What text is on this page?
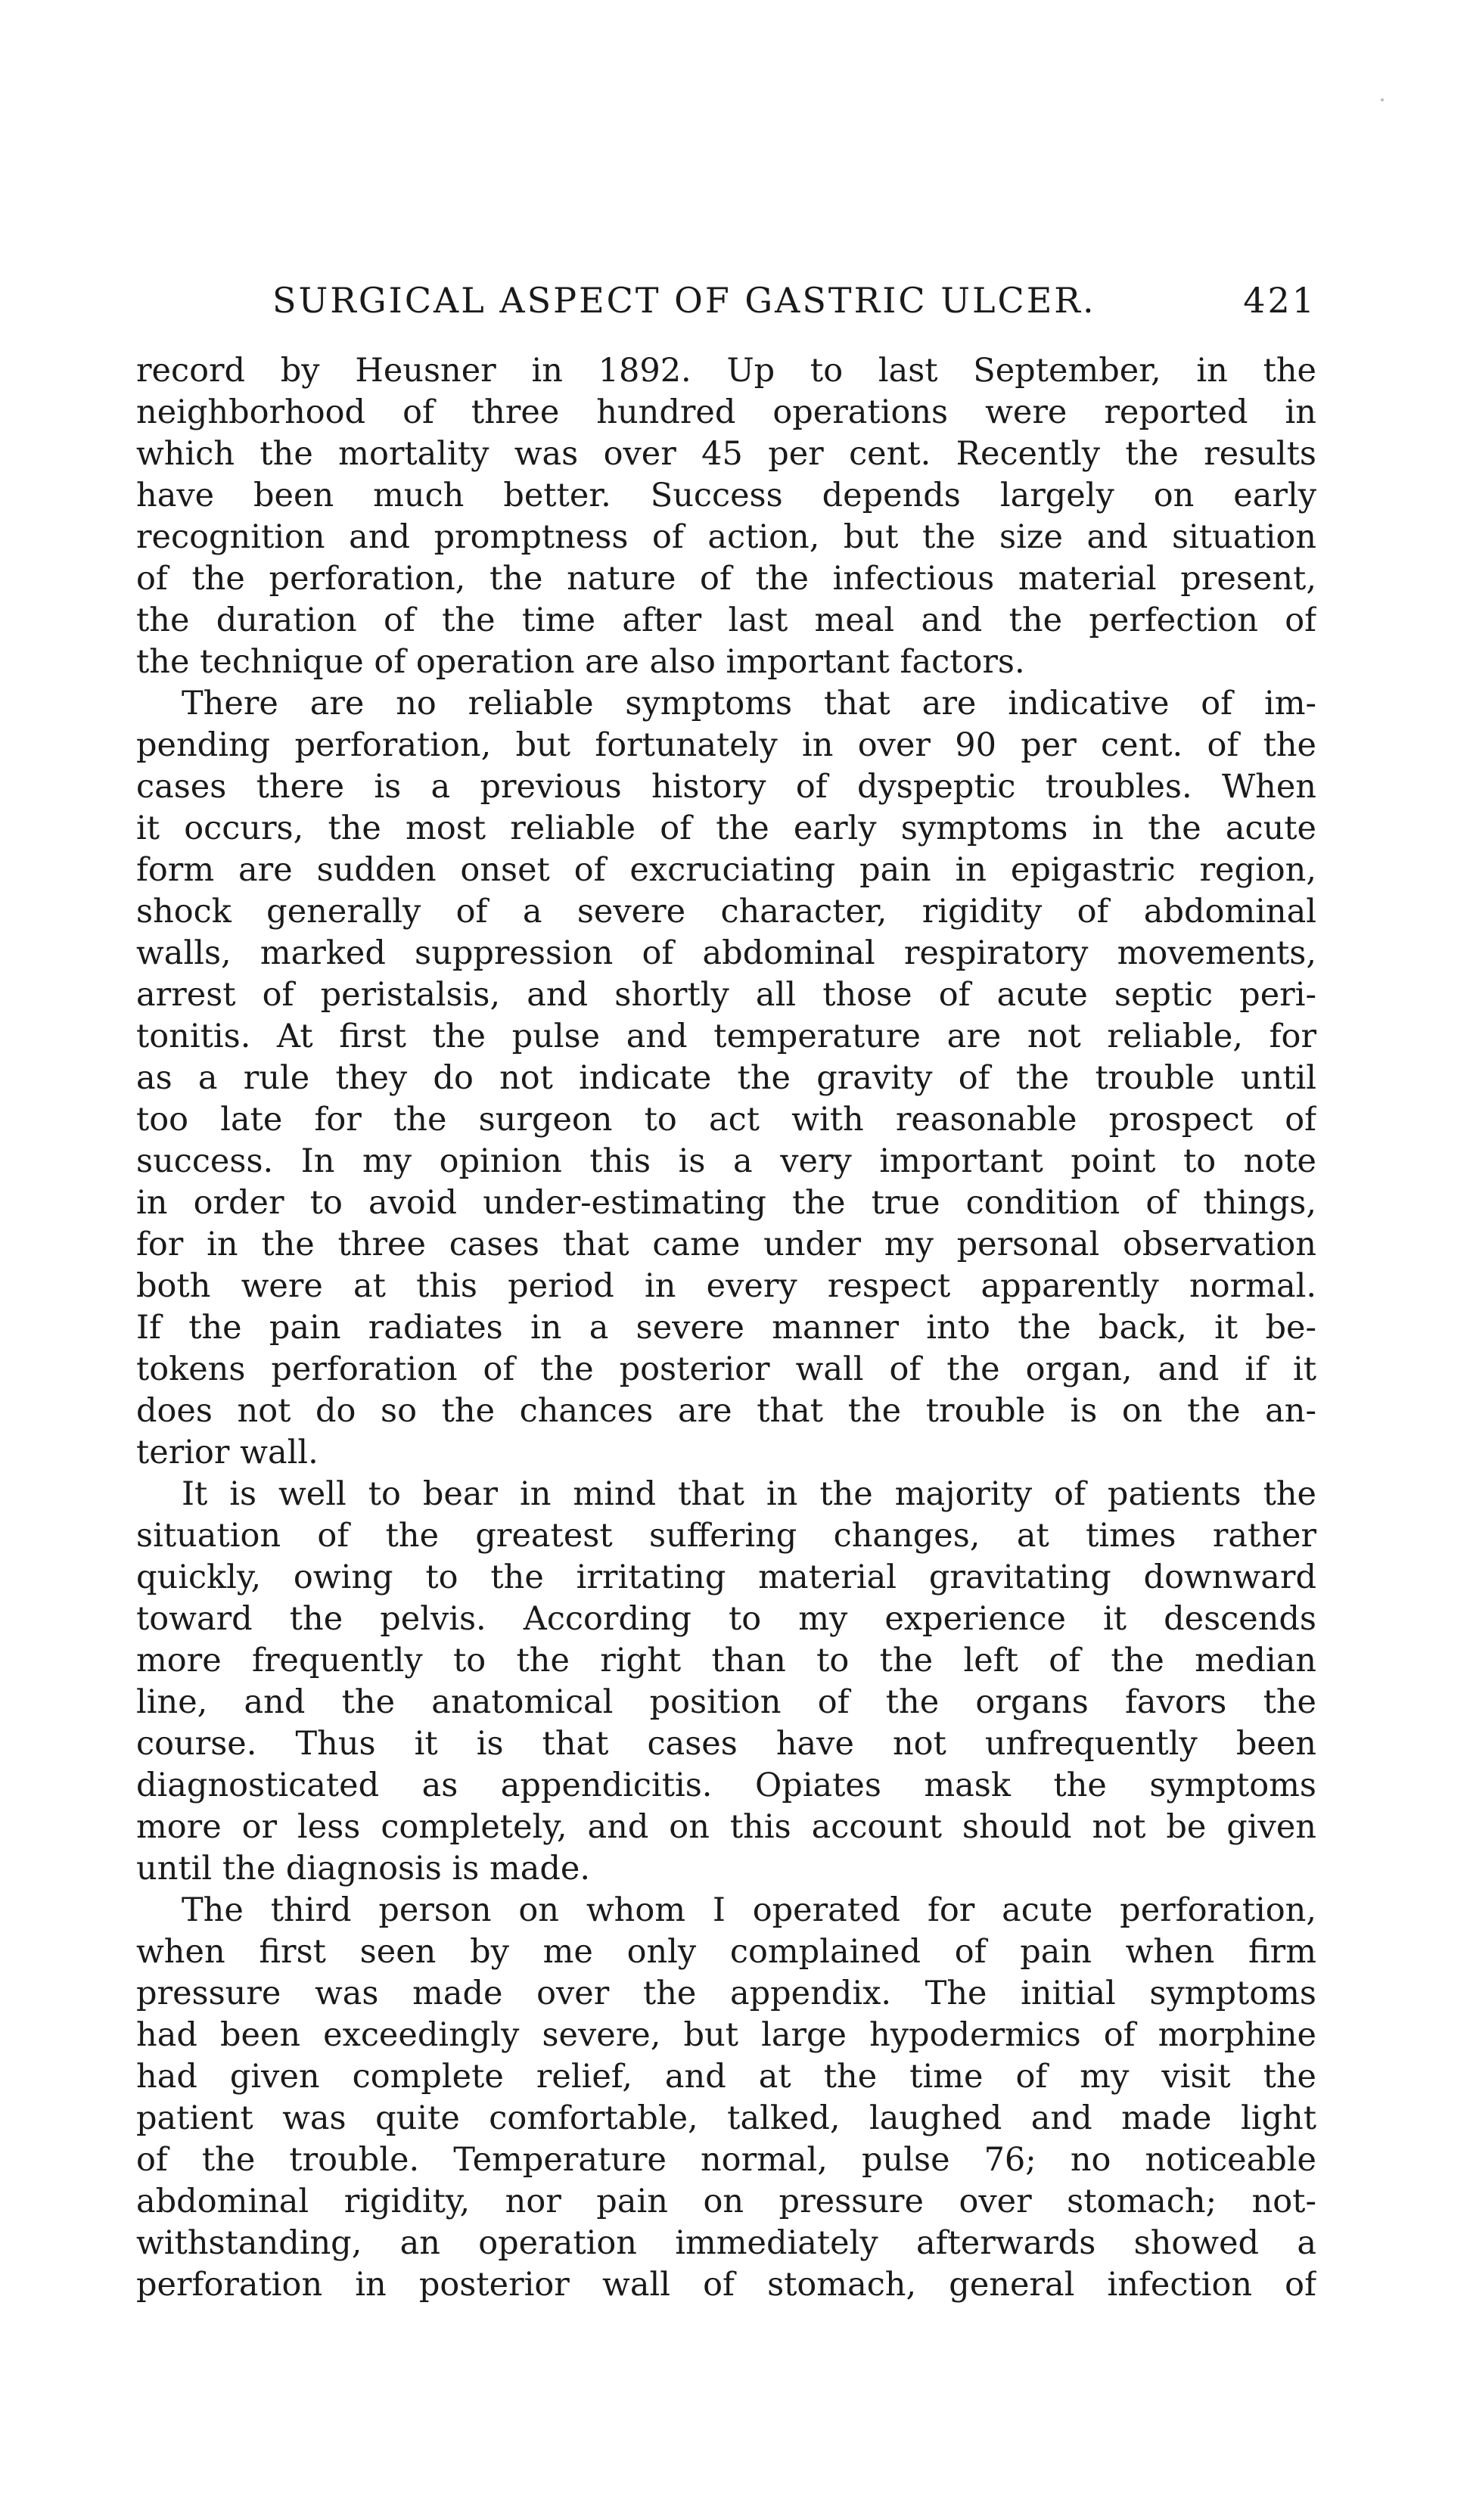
SURGICAL ASPECT OF GASTRIC ULCER.	421
record by Heusner in 1892. Up to last September, in the
neighborhood of three hundred operations were reported in
which the mortality was over 45 per cent. Recently the results
have been much better. Success depends largely on early
recognition and promptness of action, but the size and situation
of the perforation, the nature of the infectious material present,
the duration of the time after last meal and the perfection of
the technique of operation are also important factors.
There are no reliable symptoms that are indicative of im-
pending perforation, but fortunately in over 90 per cent. of the
cases there is a previous history of dyspeptic troubles. When
it occurs, the most reliable of the early symptoms in the acute
form are sudden onset of excruciating pain in epigastric region,
shock generally of a severe character, rigidity of abdominal
walls, marked suppression of abdominal respiratory movements,
arrest of peristalsis, and shortly all those of acute septic peri-
tonitis. At first the pulse and temperature are not reliable, for
as a rule they do not indicate the gravity of the trouble until
too late for the surgeon to act with reasonable prospect of
success. In my opinion this is a very important point to note
in order to avoid under-estimating the true condition of things,
for in the three cases that came under my personal observation
both were at this period in every respect apparently normal.
If the pain radiates in a severe manner into the back, it be-
tokens perforation of the posterior wall of the organ, and if it
does not do so the chances are that the trouble is on the an-
terior wall.
It is well to bear in mind that in the majority of patients the
situation of the greatest suffering changes, at times rather
quickly, owing to the irritating material gravitating downward
toward the pelvis. According to my experience it descends
more frequently to the right than to the left of the median
line, and the anatomical position of the organs favors the
course. Thus it is that cases have not unfrequently been
diagnosticated as appendicitis. Opiates mask the symptoms
more or less completely, and on this account should not be given
until the diagnosis is made.
The third person on whom I operated for acute perforation,
when first seen by me only complained of pain when firm
pressure was made over the appendix. The initial symptoms
had been exceedingly severe, but large hypodermics of morphine
had given complete relief, and at the time of my visit the
patient was quite comfortable, talked, laughed and made light
of the trouble. Temperature normal, pulse 76; no noticeable
abdominal rigidity, nor pain on pressure over stomach; not-
withstanding, an operation immediately afterwards showed a
perforation in posterior wall of stomach, general infection of
